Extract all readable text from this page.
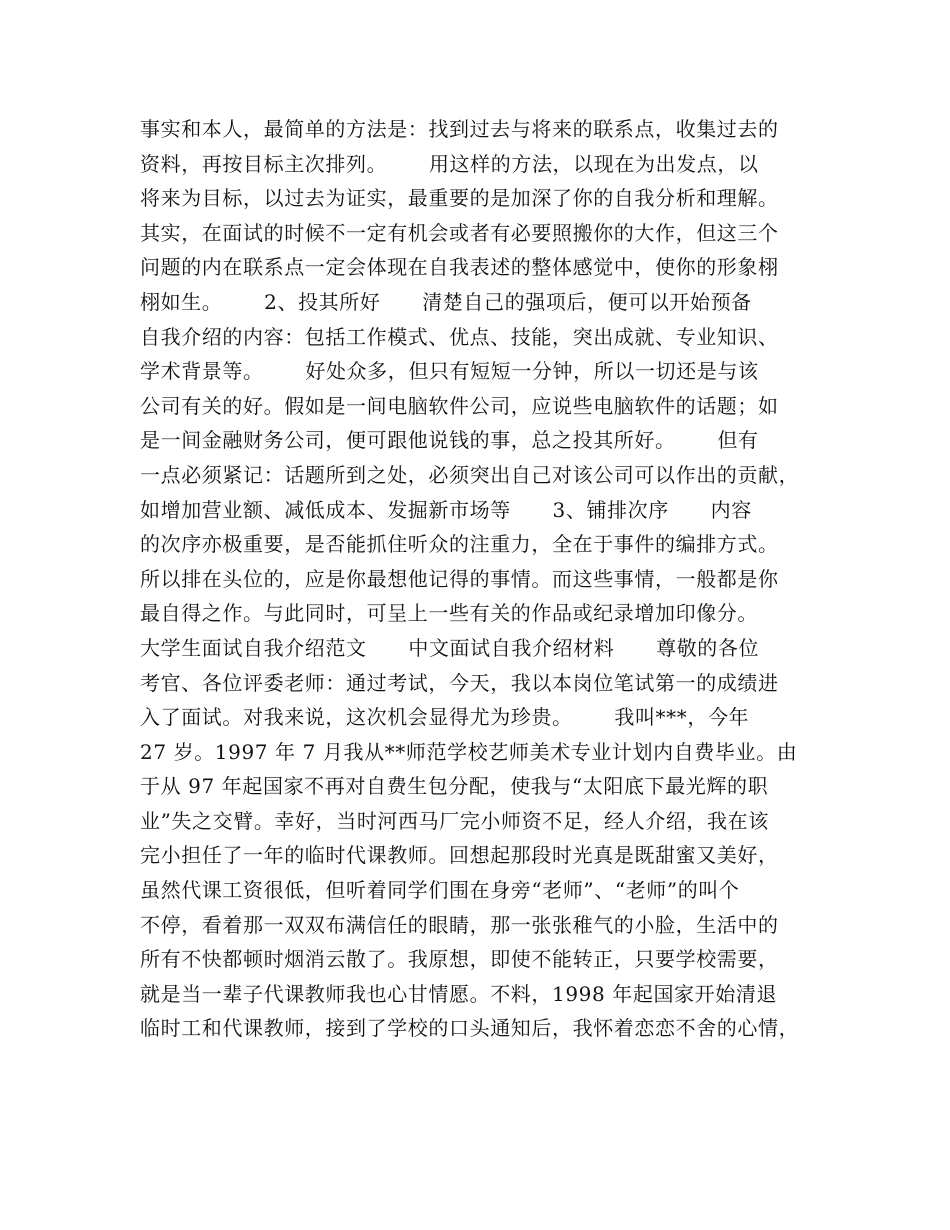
事实和本人，最简单的方法是：找到过去与将来的联系点，收集过去的
资料，再按目标主次排列。      用这样的方法，以现在为出发点，以
将来为目标，以过去为证实，最重要的是加深了你的自我分析和理解。
其实，在面试的时候不一定有机会或者有必要照搬你的大作，但这三个
问题的内在联系点一定会体现在自我表述的整体感觉中，使你的形象栩
栩如生。      2、投其所好      清楚自己的强项后，便可以开始预备
自我介绍的内容：包括工作模式、优点、技能，突出成就、专业知识、
学术背景等。      好处众多，但只有短短一分钟，所以一切还是与该
公司有关的好。假如是一间电脑软件公司，应说些电脑软件的话题；如
是一间金融财务公司，便可跟他说钱的事，总之投其所好。      但有
一点必须紧记：话题所到之处，必须突出自己对该公司可以作出的贡献，
如增加营业额、减低成本、发掘新市场等      3、铺排次序      内容
的次序亦极重要，是否能抓住听众的注重力，全在于事件的编排方式。
所以排在头位的，应是你最想他记得的事情。而这些事情，一般都是你
最自得之作。与此同时，可呈上一些有关的作品或纪录增加印像分。
大学生面试自我介绍范文      中文面试自我介绍材料      尊敬的各位
考官、各位评委老师：通过考试，今天，我以本岗位笔试第一的成绩进
入了面试。对我来说，这次机会显得尤为珍贵。      我叫***，今年
27 岁。1997 年 7 月我从**师范学校艺师美术专业计划内自费毕业。由
于从 97 年起国家不再对自费生包分配，使我与“太阳底下最光辉的职
业”失之交臂。幸好，当时河西马厂完小师资不足，经人介绍，我在该
完小担任了一年的临时代课教师。回想起那段时光真是既甜蜜又美好，
虽然代课工资很低，但听着同学们围在身旁“老师”、“老师”的叫个
不停，看着那一双双布满信任的眼睛，那一张张稚气的小脸，生活中的
所有不快都顿时烟消云散了。我原想，即使不能转正，只要学校需要，
就是当一辈子代课教师我也心甘情愿。不料，1998 年起国家开始清退
临时工和代课教师，接到了学校的口头通知后，我怀着恋恋不舍的心情，
